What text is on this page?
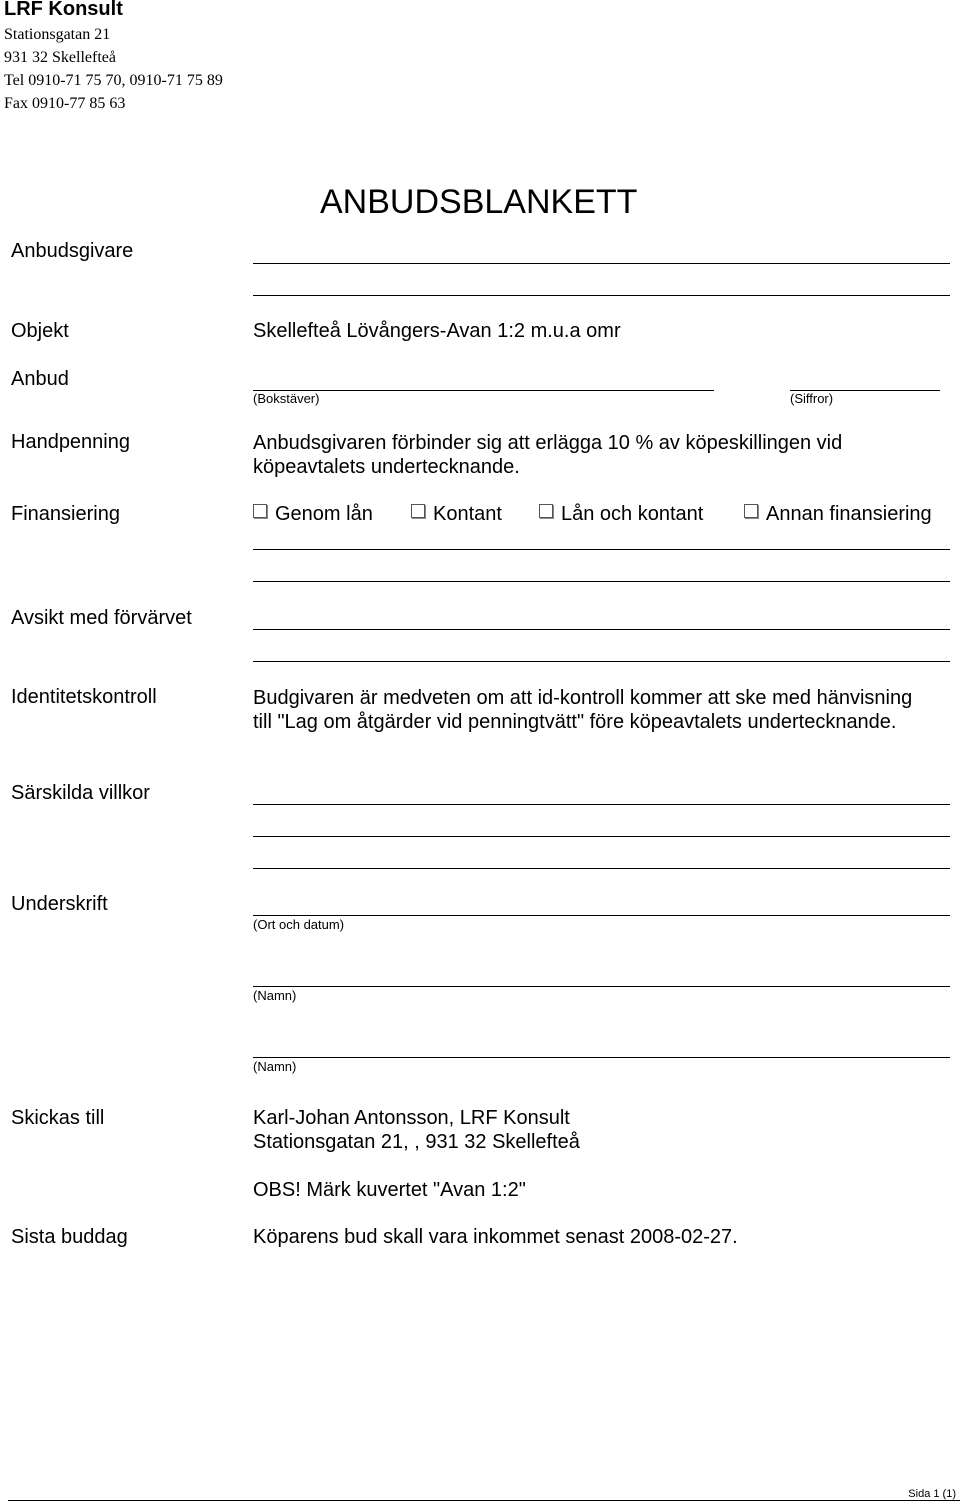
LRF Konsult
Stationsgatan 21
931 32 Skellefteå
Tel 0910-71 75 70, 0910-71 75 89
Fax 0910-77 85 63
ANBUDSBLANKETT
Anbudsgivare
Objekt	Skellefteå Lövångers-Avan 1:2 m.u.a omr
Anbud
(Bokstäver)	(Siffror)
Handpenning	Anbudsgivaren förbinder sig att erlägga 10 % av köpeskillingen vid köpeavtalets undertecknande.
Finansiering	Genom lån	Kontant	Lån och kontant	Annan finansiering
Avsikt med förvärvet
Identitetskontroll	Budgivaren är medveten om att id-kontroll kommer att ske med hänvisning till "Lag om åtgärder vid penningtvätt" före köpeavtalets undertecknande.
Särskilda villkor
Underskrift
(Ort och datum)
(Namn)
(Namn)
Skickas till	Karl-Johan Antonsson, LRF Konsult
Stationsgatan 21, , 931 32 Skellefteå
OBS! Märk kuvertet "Avan 1:2"
Sista buddag	Köparens bud skall vara inkommet senast 2008-02-27.
Sida 1 (1)
